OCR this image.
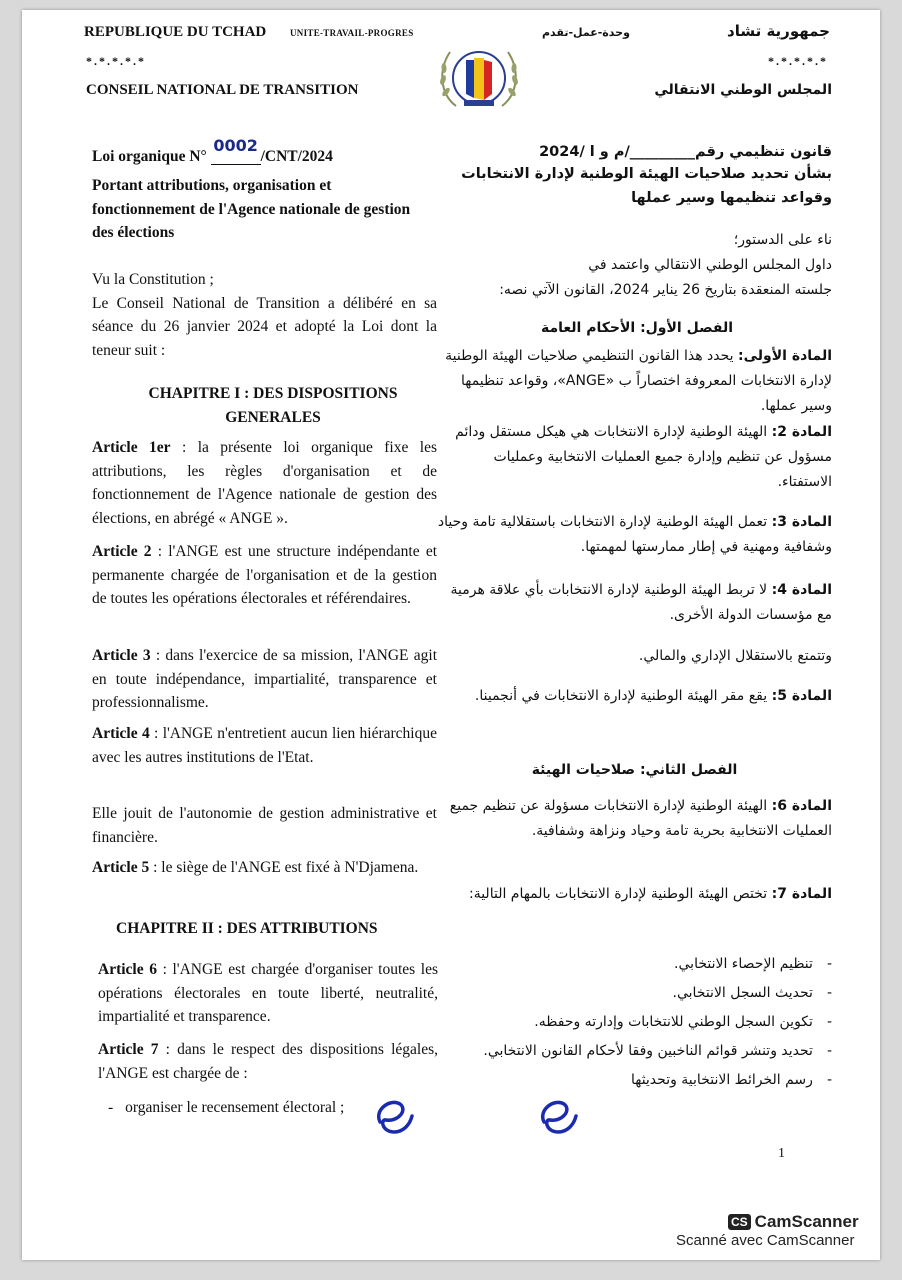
REPUBLIQUE DU TCHAD	UNITE-TRAVAIL-PROGRES
*.*.*.*.*
CONSEIL NATIONAL DE TRANSITION
وحدة-عمل-تقدم	جمهورية تشاد
*.*.*.*.*
المجلس الوطني الانتقالي
Loi organique N° 0002/CNT/2024
Portant attributions, organisation et fonctionnement de l'Agence nationale de gestion des élections
قانون تنظيمي رقم_________/م و ا /2024
بشأن تحديد صلاحيات الهيئة الوطنية لإدارة الانتخابات وقواعد تنظيمها وسير عملها
Vu la Constitution ;
Le Conseil National de Transition a délibéré en sa séance du 26 janvier 2024 et adopté la Loi dont la teneur suit :
ناء على الدستور؛
داول المجلس الوطني الانتقالي واعتمد في
جلسته المنعقدة بتاريخ 26 يناير 2024، القانون الآتي نصه:
CHAPITRE I : DES DISPOSITIONS GENERALES
Article 1er : la présente loi organique fixe les attributions, les règles d'organisation et de fonctionnement de l'Agence nationale de gestion des élections, en abrégé « ANGE ».
Article 2 : l'ANGE est une structure indépendante et permanente chargée de l'organisation et de la gestion de toutes les opérations électorales et référendaires.
Article 3 : dans l'exercice de sa mission, l'ANGE agit en toute indépendance, impartialité, transparence et professionnalisme.
Article 4 : l'ANGE n'entretient aucun lien hiérarchique avec les autres institutions de l'Etat.
Elle jouit de l'autonomie de gestion administrative et financière.
Article 5 : le siège de l'ANGE est fixé à N'Djamena.
CHAPITRE II : DES ATTRIBUTIONS
Article 6 : l'ANGE est chargée d'organiser toutes les opérations électorales en toute liberté, neutralité, impartialité et transparence.
Article 7 : dans le respect des dispositions légales, l'ANGE est chargée de :
- organiser le recensement électoral ;
الفصل الأول: الأحكام العامة
المادة الأولى: يحدد هذا القانون التنظيمي صلاحيات الهيئة الوطنية لإدارة الانتخابات المعروفة اختصاراً ب «ANGE»، وقواعد تنظيمها وسير عملها.
المادة 2: الهيئة الوطنية لإدارة الانتخابات هي هيكل مستقل ودائم مسؤول عن تنظيم وإدارة جميع العمليات الانتخابية وعمليات الاستفتاء.
المادة 3: تعمل الهيئة الوطنية لإدارة الانتخابات باستقلالية تامة وحياد وشفافية ومهنية في إطار ممارستها لمهمتها.
المادة 4: لا تربط الهيئة الوطنية لإدارة الانتخابات بأي علاقة هرمية مع مؤسسات الدولة الأخرى.
وتتمتع بالاستقلال الإداري والمالي.
المادة 5: يقع مقر الهيئة الوطنية لإدارة الانتخابات في أنجمينا.
الفصل الثاني: صلاحيات الهيئة
المادة 6: الهيئة الوطنية لإدارة الانتخابات مسؤولة عن تنظيم جميع العمليات الانتخابية بحرية تامة وحياد ونزاهة وشفافية.
المادة 7: تختص الهيئة الوطنية لإدارة الانتخابات بالمهام التالية:
-
تنظيم الإحصاء الانتخابي.
-
تحديث السجل الانتخابي.
-
تكوين السجل الوطني للانتخابات وإدارته وحفظه.
-
تحديد وتنشر قوائم الناخبين وفقا لأحكام القانون الانتخابي.
-
رسم الخرائط الانتخابية وتحديثها
1
CS CamScanner
Scanné avec CamScanner
